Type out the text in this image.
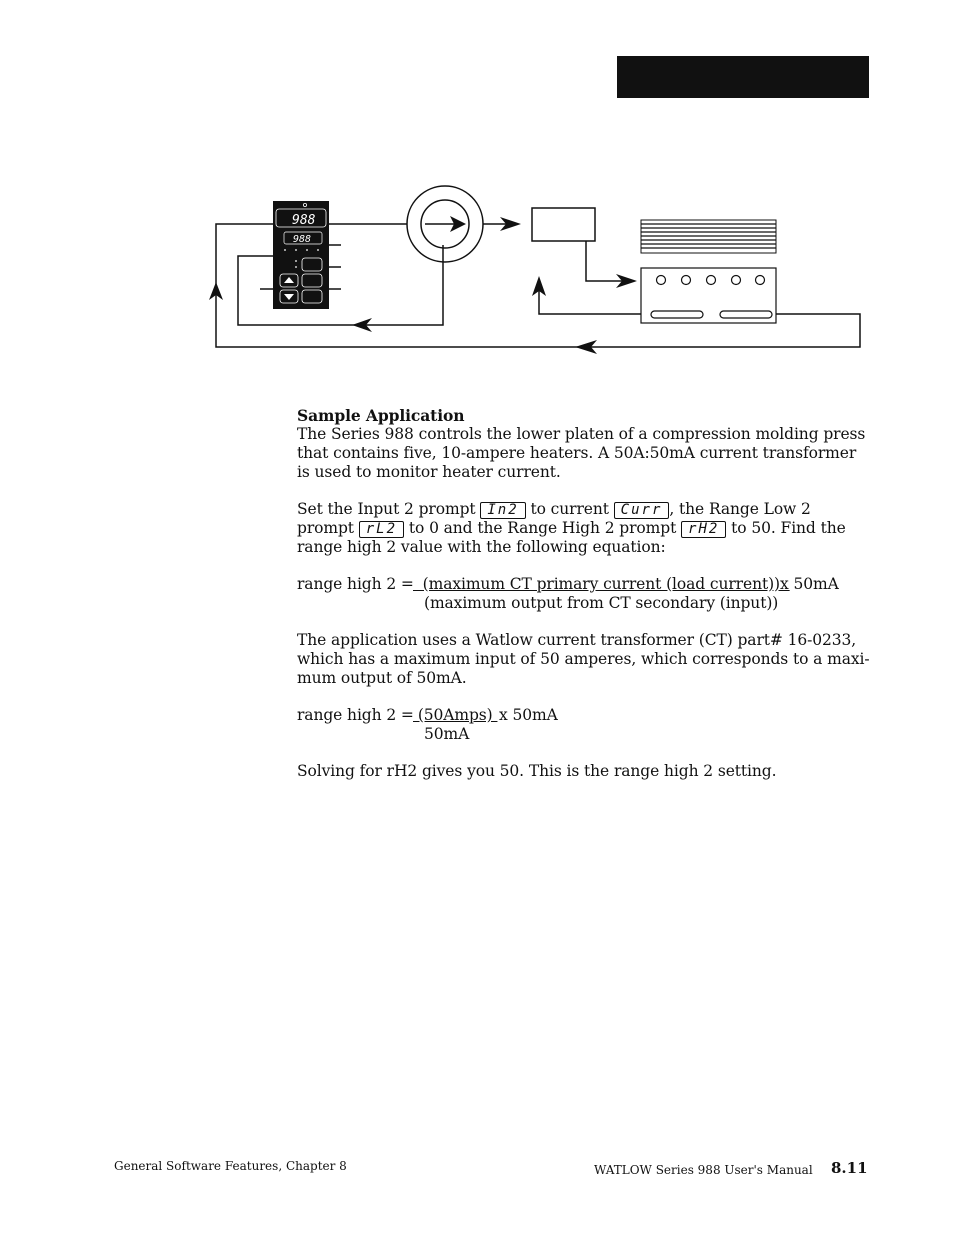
988
988

Sample Application

The Series 988 controls the lower platen of a compression molding press that contains five, 10-ampere heaters. A 50A:50mA current transformer is used to monitor heater current.

Set the Input 2 prompt In2 to current Curr , the Range Low 2 prompt rL2 to 0 and the Range High 2 prompt rH2 to 50. Find the range high 2 value with the following equation:

range high 2 = (maximum CT primary current (load current))
x 50mA
(maximum output from CT secondary (input))

The application uses a Watlow current transformer (CT) part# 16-0233, which has a maximum input of 50 amperes, which corresponds to a maxi-mum output of 50mA.

range high 2 = (50Amps) x 50mA
50mA

Solving for rH2 gives you 50. This is the range high 2 setting.

General Software Features, Chapter 8	WATLOW Series 988 User's Manual 8.11
